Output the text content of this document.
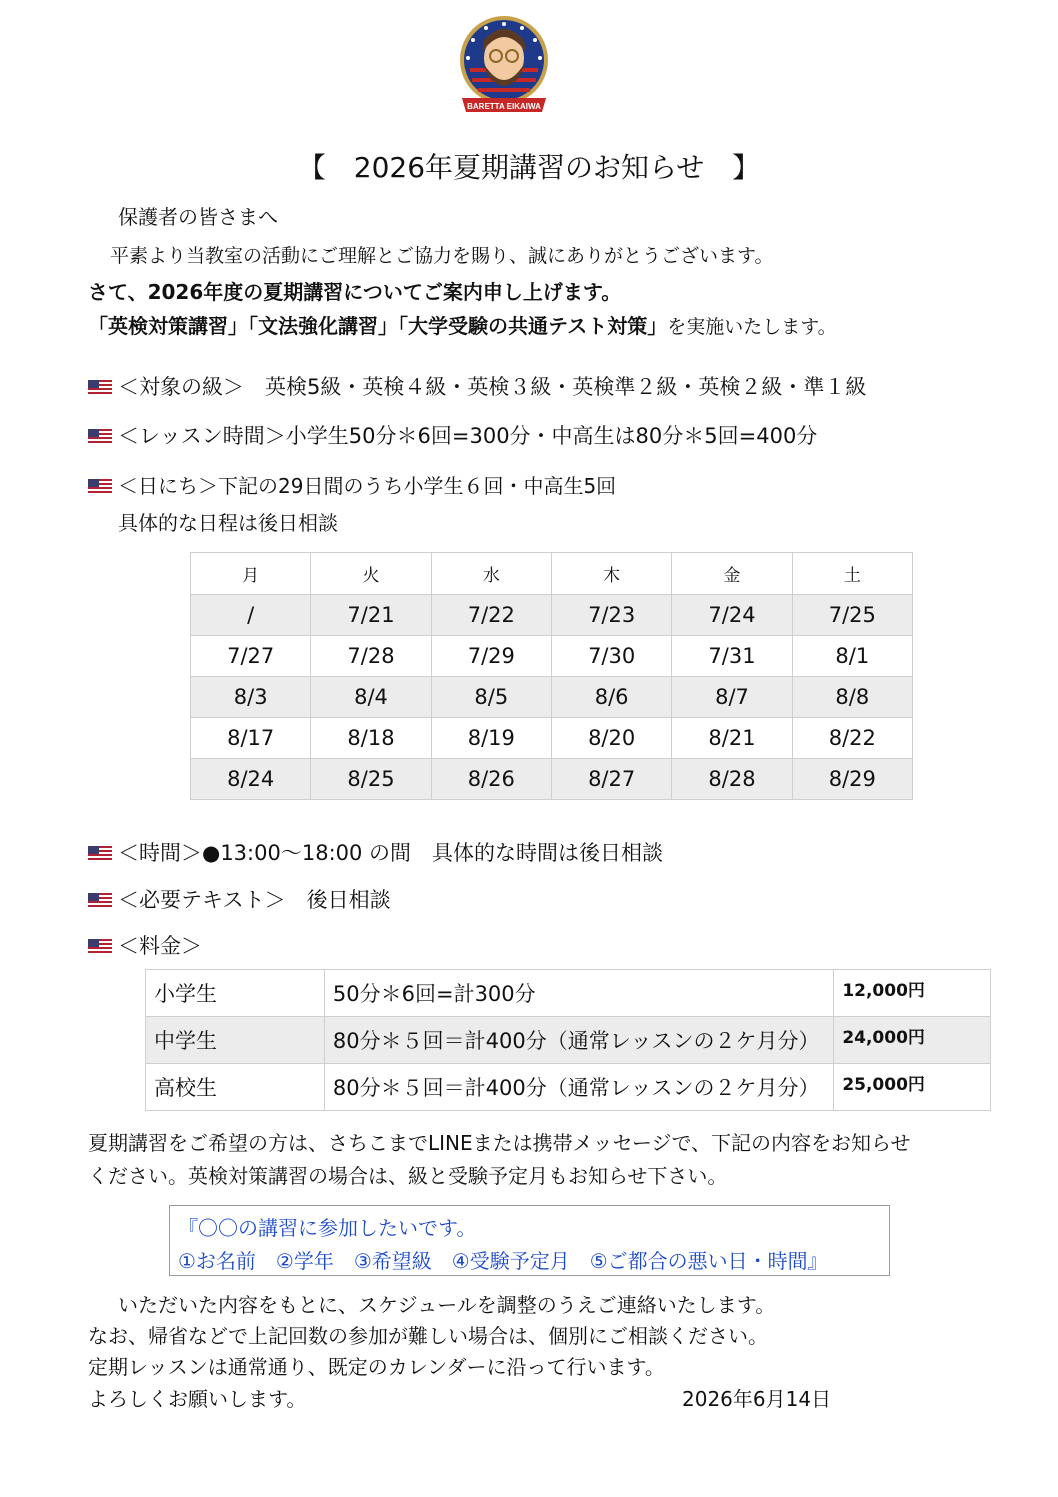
BARETTA EIKAIWA
【　2026年夏期講習のお知らせ　】
保護者の皆さまへ
平素より当教室の活動にご理解とご協力を賜り、誠にありがとうございます。
さて、2026年度の夏期講習についてご案内申し上げます。
「英検対策講習」「文法強化講習」「大学受験の共通テスト対策」を実施いたします。
＜対象の級＞　英検5級・英検４級・英検３級・英検準２級・英検２級・準１級
＜レッスン時間＞小学生50分＊6回=300分・中高生は80分＊5回=400分
＜日にち＞下記の29日間のうち小学生６回・中高生5回
具体的な日程は後日相談
月	火	水	木	金	土
/	7/21	7/22	7/23	7/24	7/25
7/27	7/28	7/29	7/30	7/31	8/1
8/3	8/4	8/5	8/6	8/7	8/8
8/17	8/18	8/19	8/20	8/21	8/22
8/24	8/25	8/26	8/27	8/28	8/29
＜時間＞●13:00〜18:00 の間　具体的な時間は後日相談
＜必要テキスト＞　後日相談
＜料金＞
小学生	50分＊6回=計300分	12,000円
中学生	80分＊５回＝計400分（通常レッスンの２ケ月分）	24,000円
高校生	80分＊５回＝計400分（通常レッスンの２ケ月分）	25,000円
夏期講習をご希望の方は、さちこまでLINEまたは携帯メッセージで、下記の内容をお知らせ
ください。英検対策講習の場合は、級と受験予定月もお知らせ下さい。
『〇〇の講習に参加したいです。
①お名前　②学年　③希望級　④受験予定月　⑤ご都合の悪い日・時間』
いただいた内容をもとに、スケジュールを調整のうえご連絡いたします。
なお、帰省などで上記回数の参加が難しい場合は、個別にご相談ください。
定期レッスンは通常通り、既定のカレンダーに沿って行います。
よろしくお願いします。	2026年6月14日
